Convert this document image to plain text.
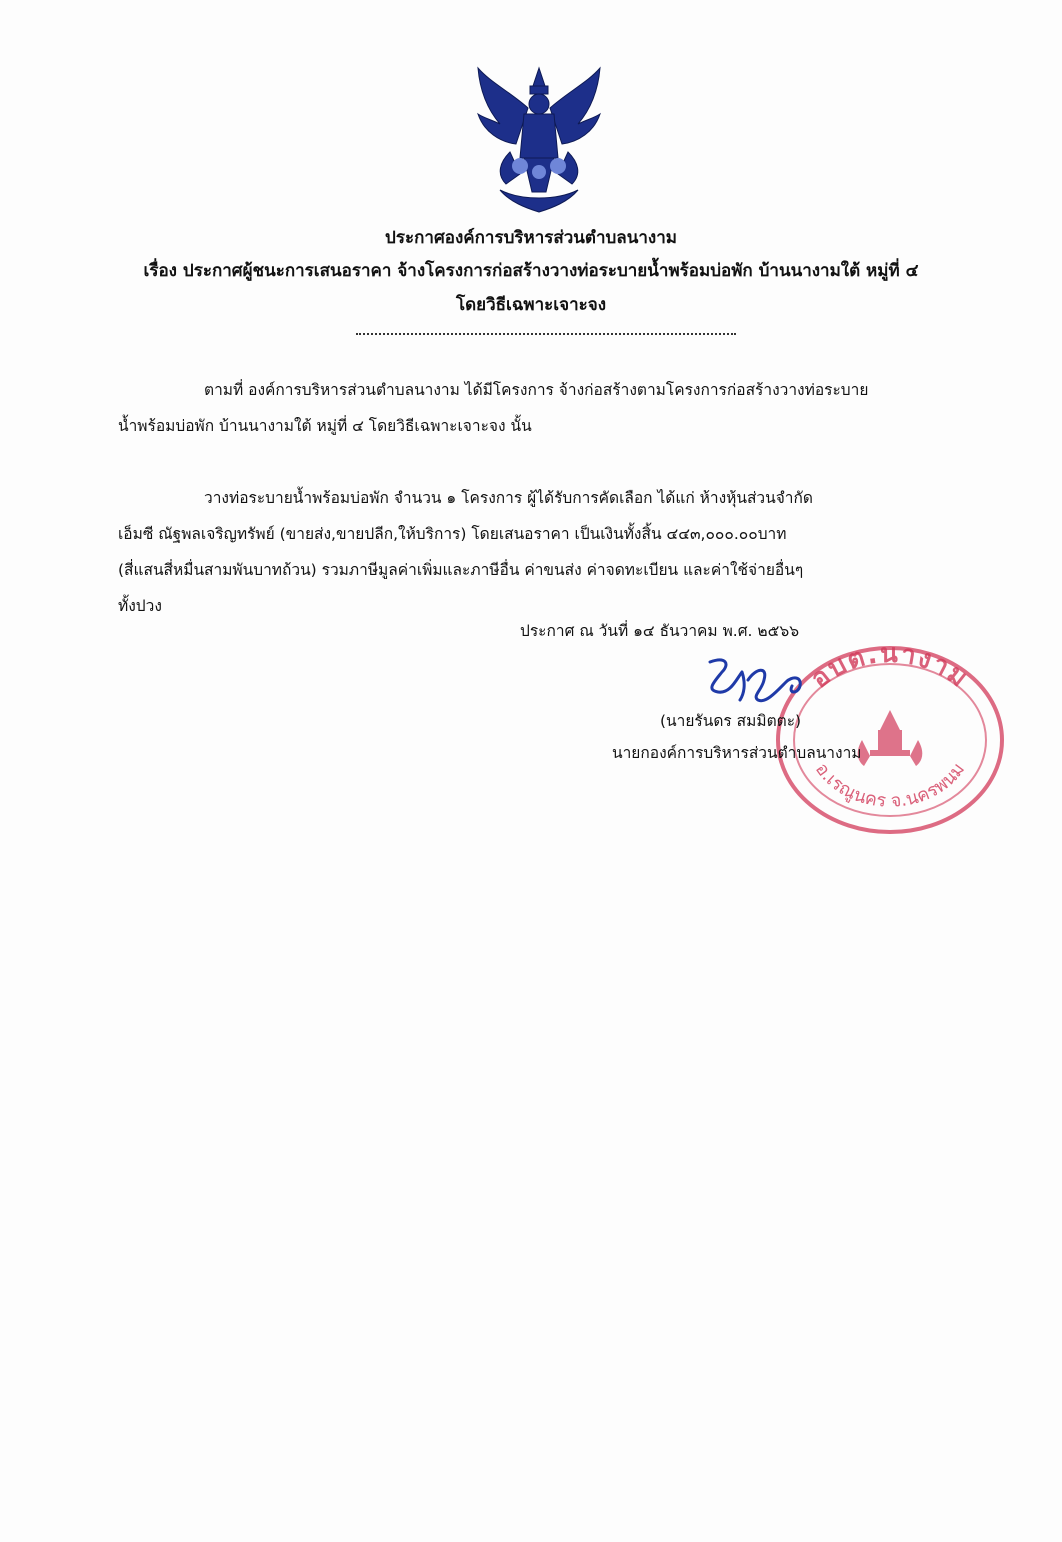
ประกาศองค์การบริหารส่วนตำบลนางาม
เรื่อง ประกาศผู้ชนะการเสนอราคา จ้างโครงการก่อสร้างวางท่อระบายน้ำพร้อมบ่อพัก บ้านนางามใต้ หมู่ที่ ๔
โดยวิธีเฉพาะเจาะจง
ตามที่ องค์การบริหารส่วนตำบลนางาม ได้มีโครงการ จ้างก่อสร้างตามโครงการก่อสร้างวางท่อระบาย
น้ำพร้อมบ่อพัก บ้านนางามใต้ หมู่ที่ ๔ โดยวิธีเฉพาะเจาะจง นั้น
วางท่อระบายน้ำพร้อมบ่อพัก จำนวน ๑ โครงการ ผู้ได้รับการคัดเลือก ได้แก่ ห้างหุ้นส่วนจำกัด
เอ็มซี ณัฐพลเจริญทรัพย์ (ขายส่ง,ขายปลีก,ให้บริการ) โดยเสนอราคา เป็นเงินทั้งสิ้น ๔๔๓,๐๐๐.๐๐บาท
(สี่แสนสี่หมื่นสามพันบาทถ้วน) รวมภาษีมูลค่าเพิ่มและภาษีอื่น ค่าขนส่ง ค่าจดทะเบียน และค่าใช้จ่ายอื่นๆ
ทั้งปวง
ประกาศ ณ วันที่ ๑๔ ธันวาคม พ.ศ. ๒๕๖๖
อบต.นางาม
อ.เรณูนคร จ.นครพนม
(นายรันดร สมมิตตะ)
นายกองค์การบริหารส่วนตำบลนางาม
